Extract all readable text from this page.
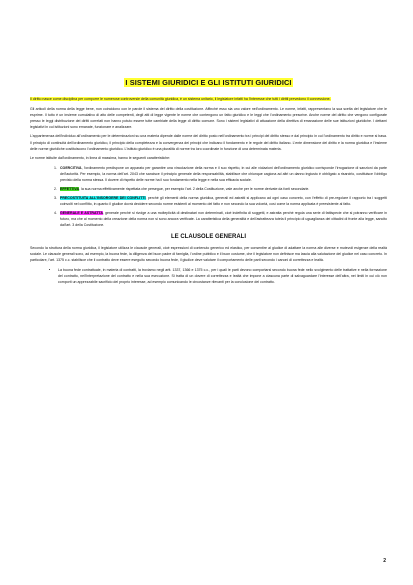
I SISTEMI GIURIDICI E GLI ISTITUTI GIURIDICI

Il diritto nasce come disciplina per comporre le numerose controversie della comunità giuridica, è un sistema unitario, il legislatore infatti ha l'interesse che tutti i diritti prevedono il connessione.

Gli articoli della norma della legge bene, non coincidono con le parole il sistema del diritto della costituzione. Affinché esso sia uno valore nell'ordinamento. Le norme, infatti, rappresentano la sua scelta del legislatore che le esprime. Il tutto è un insieme cumulativo di atto delle competenti, degli atti di legge vigente le norme che contengono un fatto giuridico e le leggi che l'ordinamento prescrive. Anche norme del diritto che vengono configurate presso le leggi distribuzione dei diritti correlati non hanno potuto essere tutte cambiate della legge di diritto comune. Sono i sistemi legislativi di attuazione della direttiva di emanazione delle sue istituzioni giuridiche. I dettami legislativi in cui istituzioni sono emanate, funzionare e analizzare.

L'appartenenza dell'individuo all'ordinamento per le determinazioni su una materia dipende dalle norme del diritto posto nell'ordinamento tra i principi del diritto stesso e dal principio in cui l'ordinamento tra diritto e norme si basa. Il principio di continuità dell'ordinamento giuridico, il principio della completezza e la convergenza dei principi che indicano il fondamento e le regole del diritto italiano. L'ente dimensione del diritto e la norma giuridica e l'insieme delle norme giuridiche costituiscono l'ordinamento giuridico. L'istituto giuridico è una pluralità di norme tra loro coordinate in funzione di una determinata materia.

Le norme istituite dall'ordinamento, in linea di massima, hanno le seguenti caratteristiche:

1. COERCITIVA, l'ordinamento predispone un apparato per garantire una vincolazione della norma e il suo rispetto, in cui alle violazioni dell'ordinamento giuridico corrisponde l'irrogazione di sanzioni da parte dell'autorità. Per esempio, la norma dell'art. 2043 che sancisce il principio generale della responsabilità, stabilisce che chiunque cagiona ad altri un danno ingiusto è obbligato a risarcirlo, costituisce l'obbligo previsto della norma stessa. Il dovere di rispetto delle norme ha il suo fondamento nella legge e nella sua efficacia sociale.
2. EFFETTIVA, la sua norma effettivamente rispettata che persegue, per esempio l'art. 2 della Costituzione, vale anche per le norme derivate da fonti secondarie.
3. PRECOSTITUITA ALL'INSORGERE DEI CONFLITTI, perché gli elementi della norma giuridica, generali ed astratti si applicano ad ogni caso concreto, con l'effetto di pre-regolare il rapporto tra i soggetti coinvolti nel conflitto, in quanto il giudice dovrà decidere secondo norme esistenti al momento del fatto e non secondo la sua volontà, così come la norma applicata è preesistente al fatto.
4. GENERALE E ASTRATTA, generale perché si rivolge a una molteplicità di destinatari non determinati, cioè indefinita di soggetti, e astratta perché regola una serie di fattispecie che si potranno verificare in futuro, ma che al momento della creazione della norma non si sono ancora verificate. La caratteristica della generalità e dell'astrattezza tutela il principio di uguaglianza dei cittadini di fronte alla legge, sancito dall'art. 3 della Costituzione.
LE CLAUSOLE GENERALI

Secondo la struttura della norma giuridica, il legislatore utilizza le clausole generali, cioè espressioni di contenuto generico ed elastico, per consentire al giudice di adattare la norma alle diverse e mutevoli esigenze della realtà sociale. Le clausole generali sono, ad esempio, la buona fede, la diligenza del buon padre di famiglia, l'ordine pubblico e il buon costume, che il legislatore non definisce ma lascia alla valutazione del giudice nel caso concreto. In particolare, l'art. 1375 c.c. stabilisce che il contratto deve essere eseguito secondo buona fede, il giudice deve valutare il comportamento delle parti secondo i canoni di correttezza e lealtà.

• La buona fede contrattuale, in materia di contratti, la troviamo negli artt. 1337, 1366 e 1375 c.c., per i quali le parti devono comportarsi secondo buona fede nello svolgimento delle trattative e nella formazione del contratto, nell'interpretazione del contratto e nella sua esecuzione. Si tratta di un dovere di correttezza e lealtà che impone a ciascuna parte di salvaguardare l'interesse dell'altra, nei limiti in cui ciò non comporti un apprezzabile sacrificio del proprio interesse, ad esempio comunicando le circostanze rilevanti per la conclusione del contratto.
2
